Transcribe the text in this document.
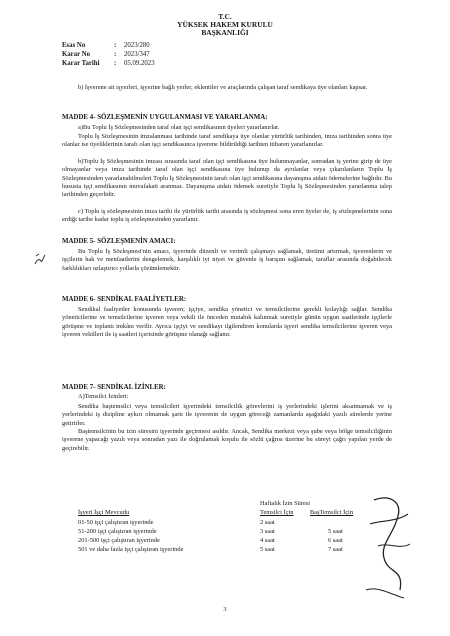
T.C.
YÜKSEK HAKEM KURULU
BAŞKANLIĞI
Esas No	:	2023/280
Karar No	:	2023/347
Karar Tarihi	:	05.09.2023
b) İşverene ait işyerleri, işyerine bağlı yerler, eklentiler ve araçlarında çalışan taraf sendikaya üye olanları kapsar.
MADDE 4- SÖZLEŞMENİN UYGULANMASI VE YARARLANMA:
a)Bu Toplu İş Sözleşmesinden taraf olan işçi sendikasının üyeleri yararlanırlar.
Toplu İş Sözleşmesinin imzalanması tarihinde taraf sendikaya üye olanlar yürürlük tarihinden, imza tarihinden sonra üye olanlar ise üyeliklerinin tarafı olan işçi sendikasınca işverene bildirildiği tarihten itibaren yararlanırlar.
b)Toplu İş Sözleşmesinin imzası sırasında taraf olan işçi sendikasına üye bulunmayanlar, sonradan iş yerine girip de üye olmayanlar veya imza tarihinde taraf olan işçi sendikasına üye bulunup da ayrılanlar veya çıkarılanların Toplu İş Sözleşmesinden yararlanabilmeleri Toplu İş Sözleşmesinin tarafı olan işçi sendikasına dayanışma aidatı ödemelerine bağlıdır. Bu hususta işçi sendikasının muvafakati aranmaz. Dayanışma aidatı ödemek suretiyle Toplu İş Sözleşmesinden yararlanma talep tarihinden geçerlidir.
c) Toplu iş sözleşmesinin imza tarihi ile yürürlük tarihi arasında iş sözleşmesi sona eren üyeler de, iş sözleşmelerinin sona erdiği tarihe kadar toplu iş sözleşmesinden yararlanır.
MADDE 5- SÖZLEŞMENİN AMACI:
Bu Toplu İş Sözleşmesi'nin amacı, işyerinde düzenli ve verimli çalışmayı sağlamak, üretimi artırmak, işverenlerin ve işçilerin hak ve menfaatlerini dengelemek, karşılıklı iyi niyet ve güvenle iş barışını sağlamak, taraflar arasında doğabilecek farklılıkları uzlaştırıcı yollarla çözümlemektir.
MADDE 6- SENDİKAL FAALİYETLER:
Sendikal faaliyetler konusunda işveren; işçiye, sendika yönetici ve temsilcilerine gerekli kolaylığı sağlar. Sendika yöneticilerine ve temsilcilerine işveren veya vekili ile önceden mutabık kalınmak suretiyle günün uygun saatlerinde işçilerle görüşme ve toplantı imkânı verilir. Ayrıca işçiyi ve sendikayı ilgilendiren konularda işyeri sendika temsilcilerine işveren veya işveren vekilleri ile iş saatleri içerisinde görüşme olanağı sağlanır.
MADDE 7- SENDİKAL İZİNLER:
A)Temsilci İzinleri:
Sendika baştemsilci veya temsilcileri işyerindeki temsilcilik görevlerini iş yerlerindeki işlerini aksatmamak ve iş yerlerindeki iş disipline aykırı olmamak şartı ile işverenin de uygun göreceği zamanlarda aşağıdaki yazılı sürelerde yerine getirirler.
Baştemsilcinin bu izin süresini işyerinde geçirmesi asıldır. Ancak, Sendika merkezi veya şube veya bölge temsilciliğinin işverene yapacağı yazılı veya sonradan yazı ile doğrulamak koşulu ile sözlü çağrısı üzerine bu süreyi çağrı yapılan yerde de geçirebilir.
Haftalık İzin Süresi
İşyeri İşçi Mevcudu	Temsilci İçin	BaşTemsilci İçin
01-50 işçi çalıştıran işyerinde	2 saat
51-200 işçi çalıştıran işyerinde	3 saat	5 saat
201-500 işçi çalıştıran işyerinde	4 saat	6 saat
501 ve daha fazla işçi çalıştıran işyerinde	5 saat	7 saat
3
